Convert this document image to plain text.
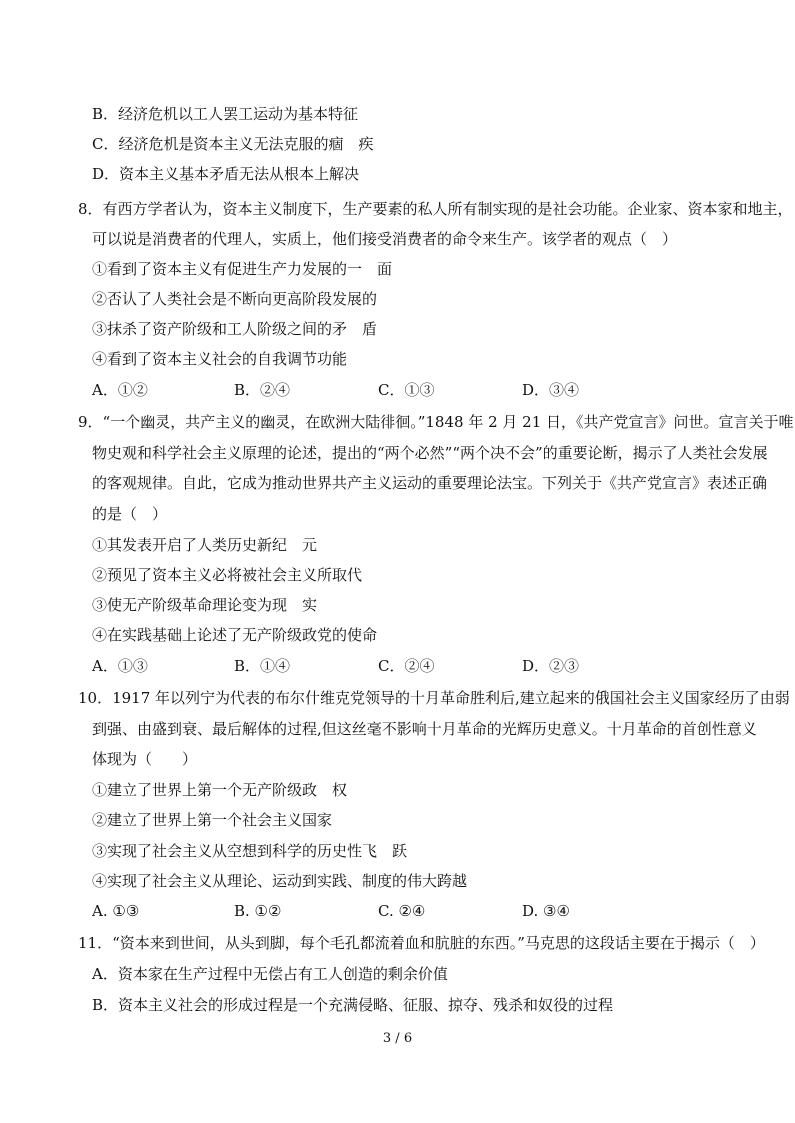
B．经济危机以工人罢工运动为基本特征
C．经济危机是资本主义无法克服的痼　疾
D．资本主义基本矛盾无法从根本上解决
8．有西方学者认为，资本主义制度下，生产要素的私人所有制实现的是社会功能。企业家、资本家和地主，
可以说是消费者的代理人，实质上，他们接受消费者的命令来生产。该学者的观点（　）
①看到了资本主义有促进生产力发展的一　面
②否认了人类社会是不断向更高阶段发展的
③抹杀了资产阶级和工人阶级之间的矛　盾
④看到了资本主义社会的自我调节功能
A．①②	B．②④	C．①③	D．③④
9．“一个幽灵，共产主义的幽灵，在欧洲大陆徘徊。”1848 年 2 月 21 日，《共产党宣言》问世。宣言关于唯
物史观和科学社会主义原理的论述，提出的“两个必然”“两个决不会”的重要论断，揭示了人类社会发展
的客观规律。自此，它成为推动世界共产主义运动的重要理论法宝。下列关于《共产党宣言》表述正确
的是（　）
①其发表开启了人类历史新纪　元
②预见了资本主义必将被社会主义所取代
③使无产阶级革命理论变为现　实
④在实践基础上论述了无产阶级政党的使命
A．①③	B．①④	C．②④	D．②③
10．1917 年以列宁为代表的布尔什维克党领导的十月革命胜利后,建立起来的俄国社会主义国家经历了由弱
到强、由盛到衰、最后解体的过程,但这丝毫不影响十月革命的光辉历史意义。十月革命的首创性意义
体现为（　　）
①建立了世界上第一个无产阶级政　权
②建立了世界上第一个社会主义国家
③实现了社会主义从空想到科学的历史性飞　跃
④实现了社会主义从理论、运动到实践、制度的伟大跨越
A. ①③	B. ①②	C. ②④	D. ③④
11．“资本来到世间，从头到脚，每个毛孔都流着血和肮脏的东西。”马克思的这段话主要在于揭示（　）
A．资本家在生产过程中无偿占有工人创造的剩余价值
B．资本主义社会的形成过程是一个充满侵略、征服、掠夺、残杀和奴役的过程
3 / 6
